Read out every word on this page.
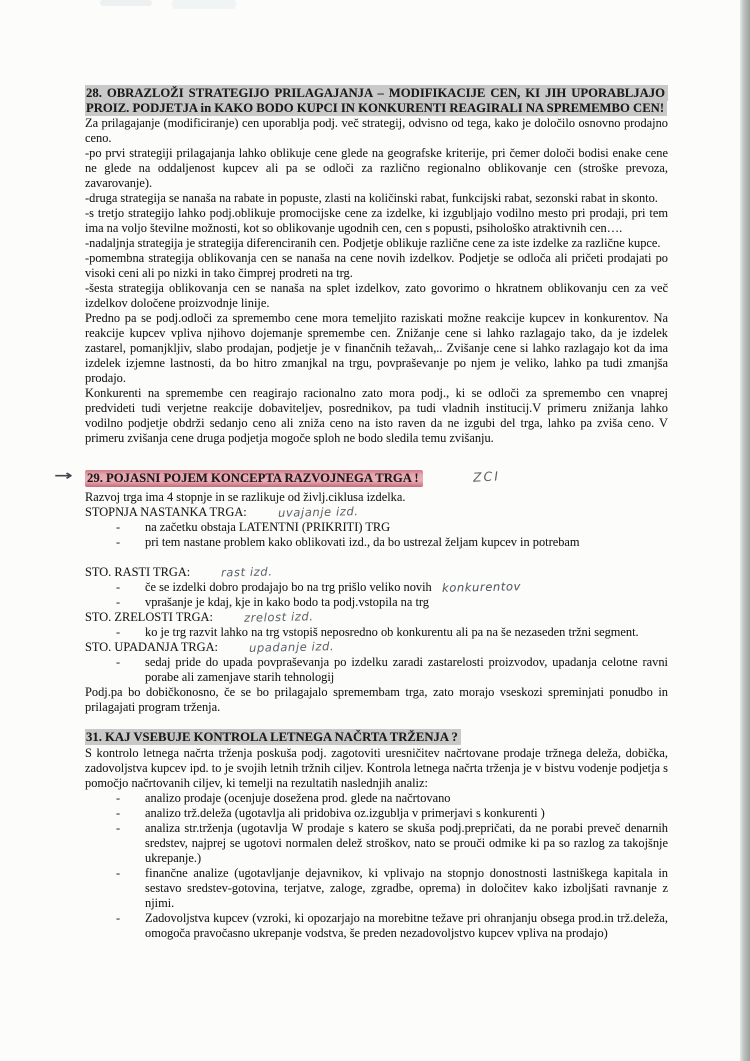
28. OBRAZLOŽI STRATEGIJO PRILAGAJANJA – MODIFIKACIJE CEN, KI JIH UPORABLJAJO PROIZ. PODJETJA in KAKO BODO KUPCI IN KONKURENTI REAGIRALI NA SPREMEMBO CEN!

Za prilagajanje (modificiranje) cen uporablja podj. več strategij, odvisno od tega, kako je določilo osnovno prodajno ceno.

-po prvi strategiji prilagajanja lahko oblikuje cene glede na geografske kriterije, pri čemer določi bodisi enake cene ne glede na oddaljenost kupcev ali pa se odloči za različno regionalno oblikovanje cen (stroške prevoza, zavarovanje).

-druga strategija se nanaša na rabate in popuste, zlasti na količinski rabat, funkcijski rabat, sezonski rabat in skonto.

-s tretjo strategijo lahko podj.oblikuje promocijske cene za izdelke, ki izgubljajo vodilno mesto pri prodaji, pri tem ima na voljo številne možnosti, kot so oblikovanje ugodnih cen, cen s popusti, psihološko atraktivnih cen….

-nadaljnja strategija je strategija diferenciranih cen. Podjetje oblikuje različne cene za iste izdelke za različne kupce.

-pomembna strategija oblikovanja cen se nanaša na cene novih izdelkov. Podjetje se odloča ali pričeti prodajati po visoki ceni ali po nizki in tako čimprej prodreti na trg.

-šesta strategija oblikovanja cen se nanaša na splet izdelkov, zato govorimo o hkratnem oblikovanju cen za več izdelkov določene proizvodnje linije.

Predno pa se podj.odloči za spremembo cene mora temeljito raziskati možne reakcije kupcev in konkurentov. Na reakcije kupcev vpliva njihovo dojemanje spremembe cen. Znižanje cene si lahko razlagajo tako, da je izdelek zastarel, pomanjkljiv, slabo prodajan, podjetje je v finančnih težavah,.. Zvišanje cene si lahko razlagajo kot da ima izdelek izjemne lastnosti, da bo hitro zmanjkal na trgu, povpraševanje po njem je veliko, lahko pa tudi zmanjša prodajo.

Konkurenti na spremembe cen reagirajo racionalno zato mora podj., ki se odloči za spremembo cen vnaprej predvideti tudi verjetne reakcije dobaviteljev, posrednikov, pa tudi vladnih institucij.V primeru znižanja lahko vodilno podjetje obdrži sedanjo ceno ali zniža ceno na isto raven da ne izgubi del trga, lahko pa zviša ceno. V primeru zvišanja cene druga podjetja mogoče sploh ne bodo sledila temu zvišanju.

→ 29. POJASNI POJEM KONCEPTA RAZVOJNEGA TRGA !	ZCI

Razvoj trga ima 4 stopnje in se razlikuje od življ.ciklusa izdelka.

STOPNJA NASTANKA TRGA:	uvajanje izd.
-	na začetku obstaja LATENTNI (PRIKRITI) TRG
-	pri tem nastane problem kako oblikovati izd., da bo ustrezal željam kupcev in potrebam
STO. RASTI TRGA:	rast izd.
-	če se izdelki dobro prodajajo bo na trg prišlo veliko novih konkurentov
-	vprašanje je kdaj, kje in kako bodo ta podj.vstopila na trg
STO. ZRELOSTI TRGA:	zrelost izd.
-	ko je trg razvit lahko na trg vstopiš neposredno ob konkurentu ali pa na še nezaseden tržni segment.
STO. UPADANJA TRGA:	upadanje izd.
-	sedaj pride do upada povpraševanja po izdelku zaradi zastarelosti proizvodov, upadanja celotne ravni porabe ali zamenjave starih tehnologij

Podj.pa bo dobičkonosno, če se bo prilagajalo spremembam trga, zato morajo vseskozi spreminjati ponudbo in prilagajati program trženja.

31. KAJ VSEBUJE KONTROLA LETNEGA NAČRTA TRŽENJA ?

S kontrolo letnega načrta trženja poskuša podj. zagotoviti uresničitev načrtovane prodaje tržnega deleža, dobička, zadovoljstva kupcev ipd. to je svojih letnih tržnih ciljev. Kontrola letnega načrta trženja je v bistvu vodenje podjetja s pomočjo načrtovanih ciljev, ki temelji na rezultatih naslednjih analiz:

-	analizo prodaje (ocenjuje dosežena prod. glede na načrtovano
-	analizo trž.deleža (ugotavlja ali pridobiva oz.izgublja v primerjavi s konkurenti )
-	analiza str.trženja (ugotavlja W prodaje s katero se skuša podj.prepričati, da ne porabi preveč denarnih sredstev, najprej se ugotovi normalen delež stroškov, nato se prouči odmike ki pa so razlog za takojšnje ukrepanje.)
-	finančne analize (ugotavljanje dejavnikov, ki vplivajo na stopnjo donostnosti lastniškega kapitala in sestavo sredstev-gotovina, terjatve, zaloge, zgradbe, oprema) in določitev kako izboljšati ravnanje z njimi.
-	Zadovoljstva kupcev (vzroki, ki opozarjajo na morebitne težave pri ohranjanju obsega prod.in trž.deleža, omogoča pravočasno ukrepanje vodstva, še preden nezadovoljstvo kupcev vpliva na prodajo)
